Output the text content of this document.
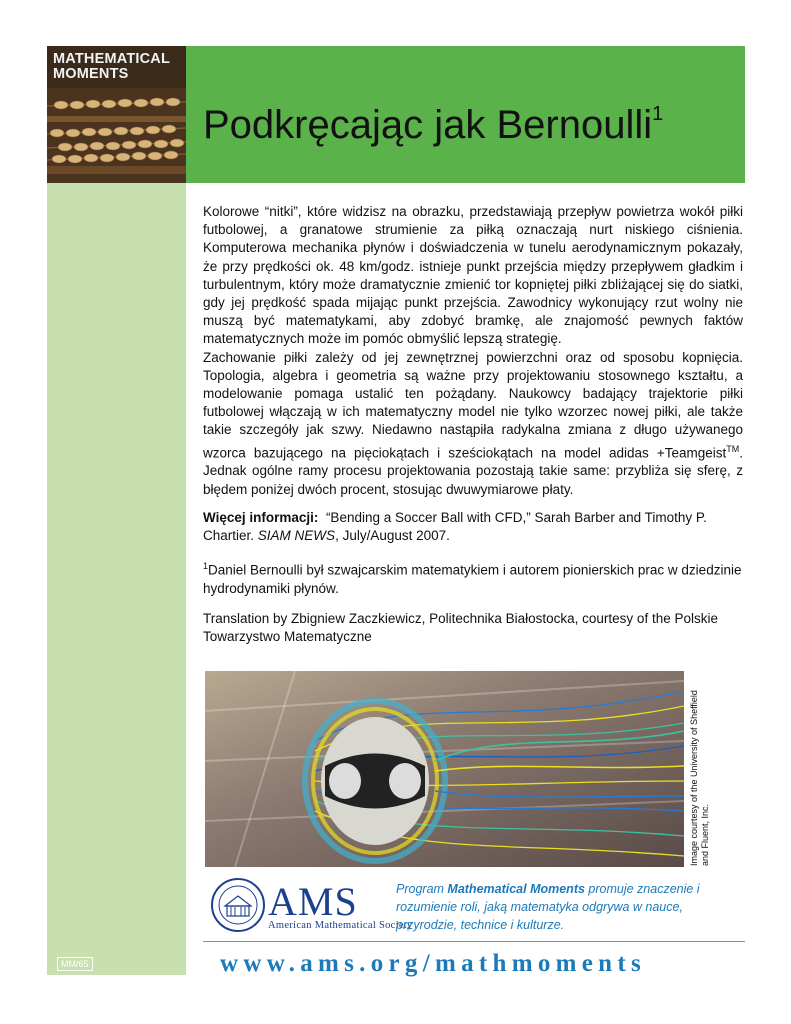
MATHEMATICAL
MOMENTS
Podkręcając jak Bernoulli$^1$

Kolorowe “nitki”, które widzisz na obrazku, przedstawiają przepływ powietrza wokół piłki futbolowej, a granatowe strumienie za piłką oznaczają nurt niskiego ciśnienia. Komputerowa mechanika płynów i doświadczenia w tunelu aerodynamicznym pokazały, że przy prędkości ok. 48 km/godz. istnieje punkt przejścia między przepływem gładkim i turbulentnym, który może dramatycznie zmienić tor kopniętej piłki zbliżającej się do siatki, gdy jej prędkość spada mijając punkt przejścia. Zawodnicy wykonujący rzut wolny nie muszą być matematykami, aby zdobyć bramkę, ale znajomość pewnych faktów matematycznych może im pomóc obmyślić lepszą strategię.

Zachowanie piłki zależy od jej zewnętrznej powierzchni oraz od sposobu kopnięcia. Topologia, algebra i geometria są ważne przy projektowaniu stosownego kształtu, a modelowanie pomaga ustalić ten pożądany. Naukowcy badający trajektorie piłki futbolowej włączają w ich matematyczny model nie tylko wzorzec nowej piłki, ale także takie szczegóły jak szwy. Niedawno nastąpiła radykalna zmiana z długo używanego wzorca bazującego na pięciokątach i sześciokątach na model adidas +Teamgeist™. Jednak ogólne ramy procesu projektowania pozostają takie same: przybliża się sferę, z błędem poniżej dwóch procent, stosując dwuwymiarowe płaty.

Więcej informacji: “Bending a Soccer Ball with CFD,” Sarah Barber and Timothy P. Chartier. SIAM NEWS, July/August 2007.

$^1$Daniel Bernoulli był szwajcarskim matematykiem i autorem pionierskich prac w dziedzinie hydrodynamiki płynów.

Translation by Zbigniew Zaczkiewicz, Politechnika Białostocka, courtesy of the Polskie Towarzystwo Matematyczne

Image courtesy of the University of Sheffield and Fluent, Inc.
AMS
American Mathematical Society
Program Mathematical Moments promuje znaczenie i rozumienie roli, jaką matematyka odgrywa w nauce, przyrodzie, technice i kulturze.
www.ams.org/mathmoments
MM/65
